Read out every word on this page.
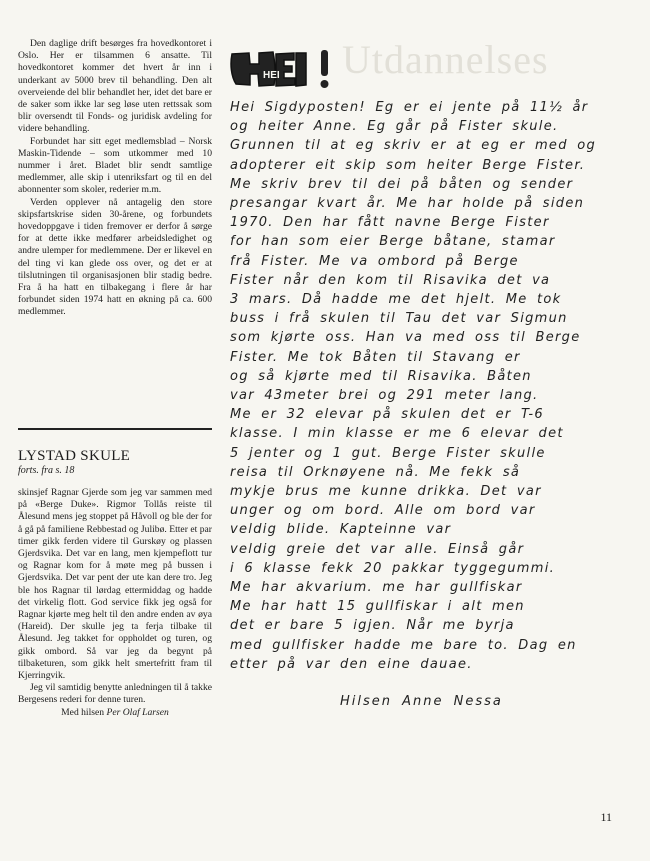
Den daglige drift besørges fra hovedkontoret i Oslo. Her er tilsammen 6 ansatte. Til hovedkontoret kommer det hvert år inn i underkant av 5000 brev til behandling. Den alt overveiende del blir behandlet her, idet det bare er de saker som ikke lar seg løse uten rettssak som blir oversendt til Fonds- og juridisk avdeling for videre behandling.

Forbundet har sitt eget medlemsblad – Norsk Maskin-Tidende – som utkommer med 10 nummer i året. Bladet blir sendt samtlige medlemmer, alle skip i utenriksfart og til en del abonnenter som skoler, rederier m.m.

Verden opplever nå antagelig den store skipsfartskrise siden 30-årene, og forbundets hovedoppgave i tiden fremover er derfor å sørge for at dette ikke medfører arbeidsledighet og andre ulemper for medlemmene. Der er likevel en del ting vi kan glede oss over, og det er at tilslutningen til organisasjonen blir stadig bedre. Fra å ha hatt en tilbakegang i flere år har forbundet siden 1974 hatt en økning på ca. 600 medlemmer.

LYSTAD SKULE

forts. fra s. 18

skinsjef Ragnar Gjerde som jeg var sammen med på «Berge Duke». Rigmor Tollås reiste til Ålesund mens jeg stoppet på Håvoll og ble der for å gå på familiene Rebbestad og Julibø. Etter et par timer gikk ferden videre til Gurskøy og plassen Gjerdsvika. Det var en lang, men kjempeflott tur og Ragnar kom for å møte meg på bussen i Gjerdsvika. Det var pent der ute kan dere tro. Jeg ble hos Ragnar til lørdag ettermiddag og hadde det virkelig flott. God service fikk jeg også for Ragnar kjørte meg helt til den andre enden av øya (Hareid). Der skulle jeg ta ferja tilbake til Ålesund. Jeg takket for oppholdet og turen, og gikk ombord. Så var jeg da begynt på tilbaketuren, som gikk helt smertefritt fram til Kjerringvik.

Jeg vil samtidig benytte anledningen til å takke Bergesens rederi for denne turen.

Med hilsen Per Olaf Larsen

Utdannelses
HEI

Hei Sigdyposten! Eg er ei jente på 11½ år

og heiter Anne. Eg går på Fister skule.

Grunnen til at eg skriv er at eg er med og

adopterer eit skip som heiter Berge Fister.

Me skriv brev til dei på båten og sender

presangar kvart år. Me har holde på siden

1970. Den har fått navne Berge Fister

for han som eier Berge båtane, stamar

frå Fister. Me va ombord på Berge

Fister når den kom til Risavika det va

3 mars. Då hadde me det hjelt. Me tok

buss i frå skulen til Tau det var Sigmun

som kjørte oss. Han va med oss til Berge

Fister. Me tok Båten til Stavang er

og så kjørte med til Risavika. Båten

var 43meter brei og 291 meter lang.

Me er 32 elevar på skulen det er T-6

klasse. I min klasse er me 6 elevar det

5 jenter og 1 gut. Berge Fister skulle

reisa til Orknøyene nå. Me fekk så

mykje brus me kunne drikka. Det var

unger og om bord. Alle om bord var

veldig blide. Kapteinne var

veldig greie det var alle. Einså går

i 6 klasse fekk 20 pakkar tyggegummi.

Me har akvarium. me har gullfiskar

Me har hatt 15 gullfiskar i alt men

det er bare 5 igjen. Når me byrja

med gullfisker hadde me bare to. Dag en

etter på var den eine dauae.

Hilsen Anne Nessa

11
